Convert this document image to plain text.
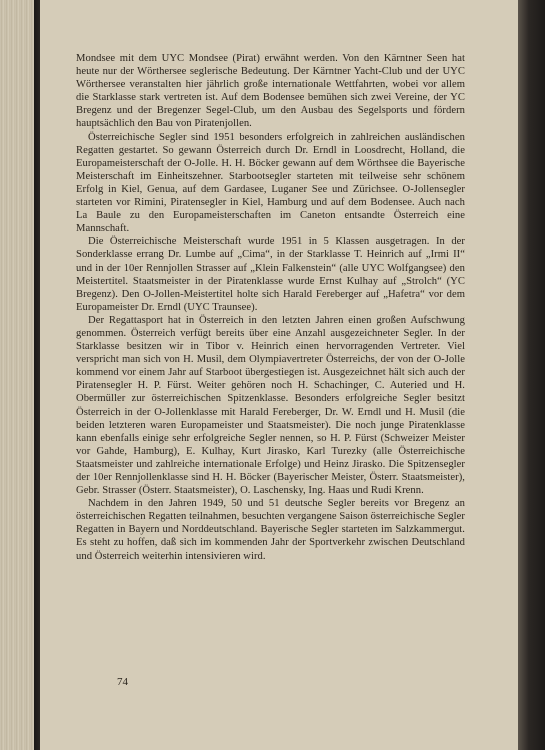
Mondsee mit dem UYC Mondsee (Pirat) erwähnt werden. Von den Kärntner Seen hat heute nur der Wörthersee seglerische Bedeutung. Der Kärntner Yacht-Club und der UYC Wörthersee veranstalten hier jährlich große internationale Wettfahrten, wobei vor allem die Starklasse stark vertreten ist. Auf dem Bodensee bemühen sich zwei Vereine, der YC Bregenz und der Bregenzer Segel-Club, um den Ausbau des Segelsports und fördern hauptsächlich den Bau von Piratenjollen.

Österreichische Segler sind 1951 besonders erfolgreich in zahlreichen ausländischen Regatten gestartet. So gewann Österreich durch Dr. Erndl in Loosdrecht, Holland, die Europameisterschaft der O-Jolle. H. H. Böcker gewann auf dem Wörthsee die Bayerische Meisterschaft im Einheitszehner. Starbootsegler starteten mit teilweise sehr schönem Erfolg in Kiel, Genua, auf dem Gardasee, Luganer See und Zürichsee. O-Jollensegler starteten vor Rimini, Piratensegler in Kiel, Hamburg und auf dem Bodensee. Auch nach La Baule zu den Europameisterschaften im Caneton entsandte Österreich eine Mannschaft.

Die Österreichische Meisterschaft wurde 1951 in 5 Klassen ausgetragen. In der Sonderklasse errang Dr. Lumbe auf „Cima“, in der Starklasse T. Heinrich auf „Irmi II“ und in der 10er Rennjollen Strasser auf „Klein Falkenstein“ (alle UYC Wolfgangsee) den Meistertitel. Staatsmeister in der Piratenklasse wurde Ernst Kulhay auf „Strolch“ (YC Bregenz). Den O-Jollen-Meistertitel holte sich Harald Fereberger auf „Hafetra“ vor dem Europameister Dr. Erndl (UYC Traunsee).

Der Regattasport hat in Österreich in den letzten Jahren einen großen Aufschwung genommen. Österreich verfügt bereits über eine Anzahl ausgezeichneter Segler. In der Starklasse besitzen wir in Tibor v. Heinrich einen hervorragenden Vertreter. Viel verspricht man sich von H. Musil, dem Olympiavertreter Österreichs, der von der O-Jolle kommend vor einem Jahr auf Starboot übergestiegen ist. Ausgezeichnet hält sich auch der Piratensegler H. P. Fürst. Weiter gehören noch H. Schachinger, C. Auteried und H. Obermüller zur österreichischen Spitzenklasse. Besonders erfolgreiche Segler besitzt Österreich in der O-Jollenklasse mit Harald Fereberger, Dr. W. Erndl und H. Musil (die beiden letzteren waren Europameister und Staatsmeister). Die noch junge Piratenklasse kann ebenfalls einige sehr erfolgreiche Segler nennen, so H. P. Fürst (Schweizer Meister vor Gahde, Hamburg), E. Kulhay, Kurt Jirasko, Karl Turezky (alle Österreichische Staatsmeister und zahlreiche internationale Erfolge) und Heinz Jirasko. Die Spitzensegler der 10er Rennjollenklasse sind H. H. Böcker (Bayerischer Meister, Österr. Staatsmeister), Gebr. Strasser (Österr. Staatsmeister), O. Laschensky, Ing. Haas und Rudi Krenn.

Nachdem in den Jahren 1949, 50 und 51 deutsche Segler bereits vor Bregenz an österreichischen Regatten teilnahmen, besuchten vergangene Saison österreichische Segler Regatten in Bayern und Norddeutschland. Bayerische Segler starteten im Salzkammergut. Es steht zu hoffen, daß sich im kommenden Jahr der Sportverkehr zwischen Deutschland und Österreich weiterhin intensivieren wird.

74
